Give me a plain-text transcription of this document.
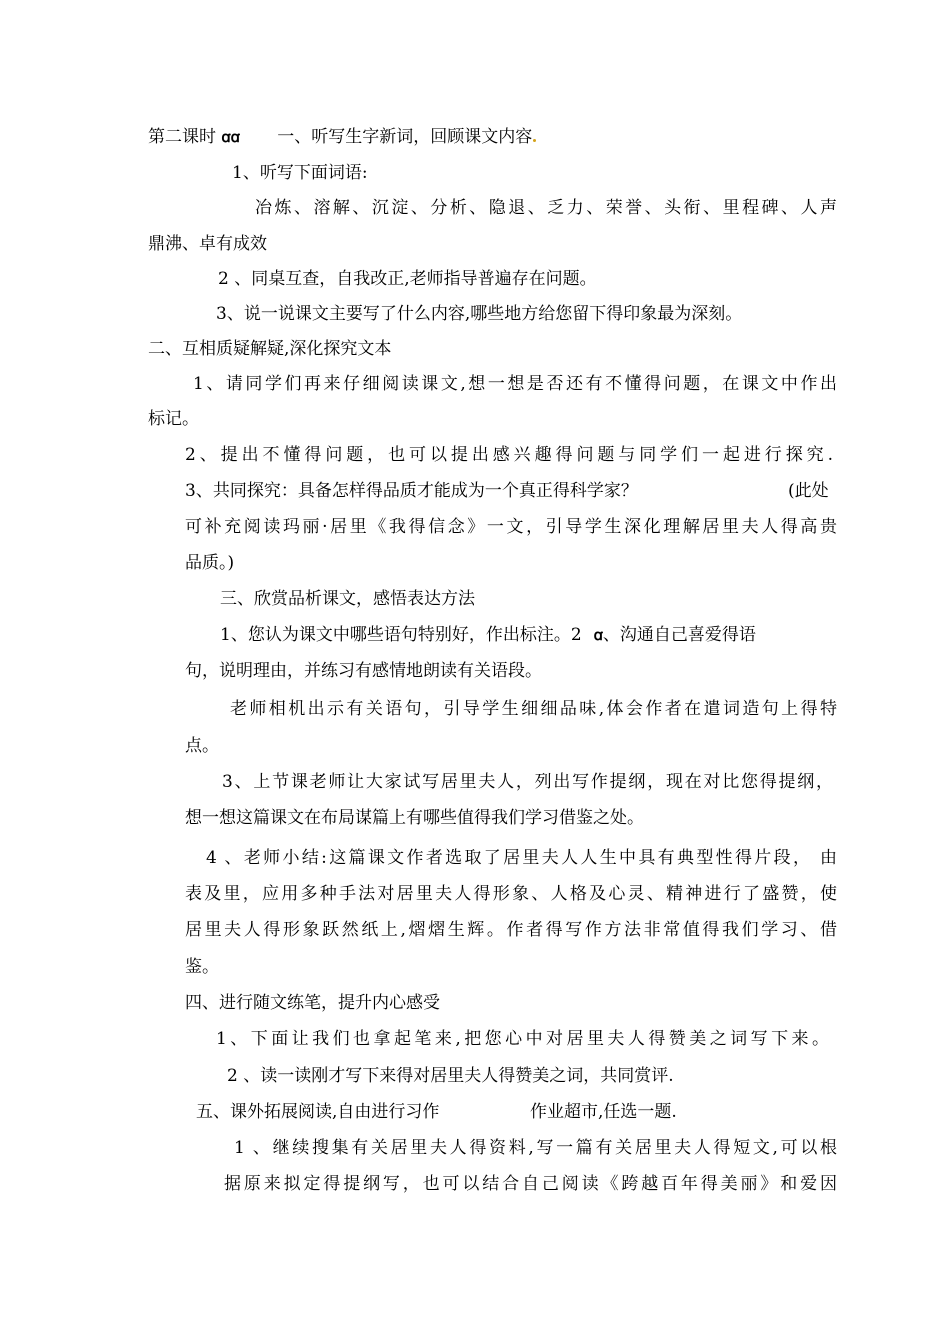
第二课时 ꭤꭤ 一、听写生字新词，回顾课文内容
1、听写下面词语:
冶炼、溶解、沉淀、分析、隐退、乏力、荣誉、头衔、里程碑、人声
鼎沸、卓有成效
2 、同桌互查，自我改正,老师指导普遍存在问题。
3、说一说课文主要写了什么内容,哪些地方给您留下得印象最为深刻。
二、互相质疑解疑,深化探究文本
1、请同学们再来仔细阅读课文,想一想是否还有不懂得问题，在课文中作出
标记。
2、提出不懂得问题，也可以提出感兴趣得问题与同学们一起进行探究.
3、共同探究：具备怎样得品质才能成为一个真正得科学家？	(此处
可补充阅读玛丽·居里《我得信念》一文，引导学生深化理解居里夫人得高贵
品质。)
三、欣赏品析课文，感悟表达方法
1、您认为课文中哪些语句特别好，作出标注。2 ꭤ、沟通自己喜爱得语
句，说明理由，并练习有感情地朗读有关语段。
老师相机出示有关语句，引导学生细细品味,体会作者在遣词造句上得特
点。
3、上节课老师让大家试写居里夫人，列出写作提纲，现在对比您得提纲，
想一想这篇课文在布局谋篇上有哪些值得我们学习借鉴之处。
4 、老师小结:这篇课文作者选取了居里夫人人生中具有典型性得片段， 由
表及里，应用多种手法对居里夫人得形象、人格及心灵、精神进行了盛赞，使
居里夫人得形象跃然纸上,熠熠生辉。作者得写作方法非常值得我们学习、借
鉴。
四、进行随文练笔，提升内心感受
1、下面让我们也拿起笔来,把您心中对居里夫人得赞美之词写下来。
2 、读一读刚才写下来得对居里夫人得赞美之词，共同赏评.
五、课外拓展阅读,自由进行习作	作业超市,任选一题.
1 、继续搜集有关居里夫人得资料,写一篇有关居里夫人得短文,可以根
据原来拟定得提纲写，也可以结合自己阅读《跨越百年得美丽》和爱因
